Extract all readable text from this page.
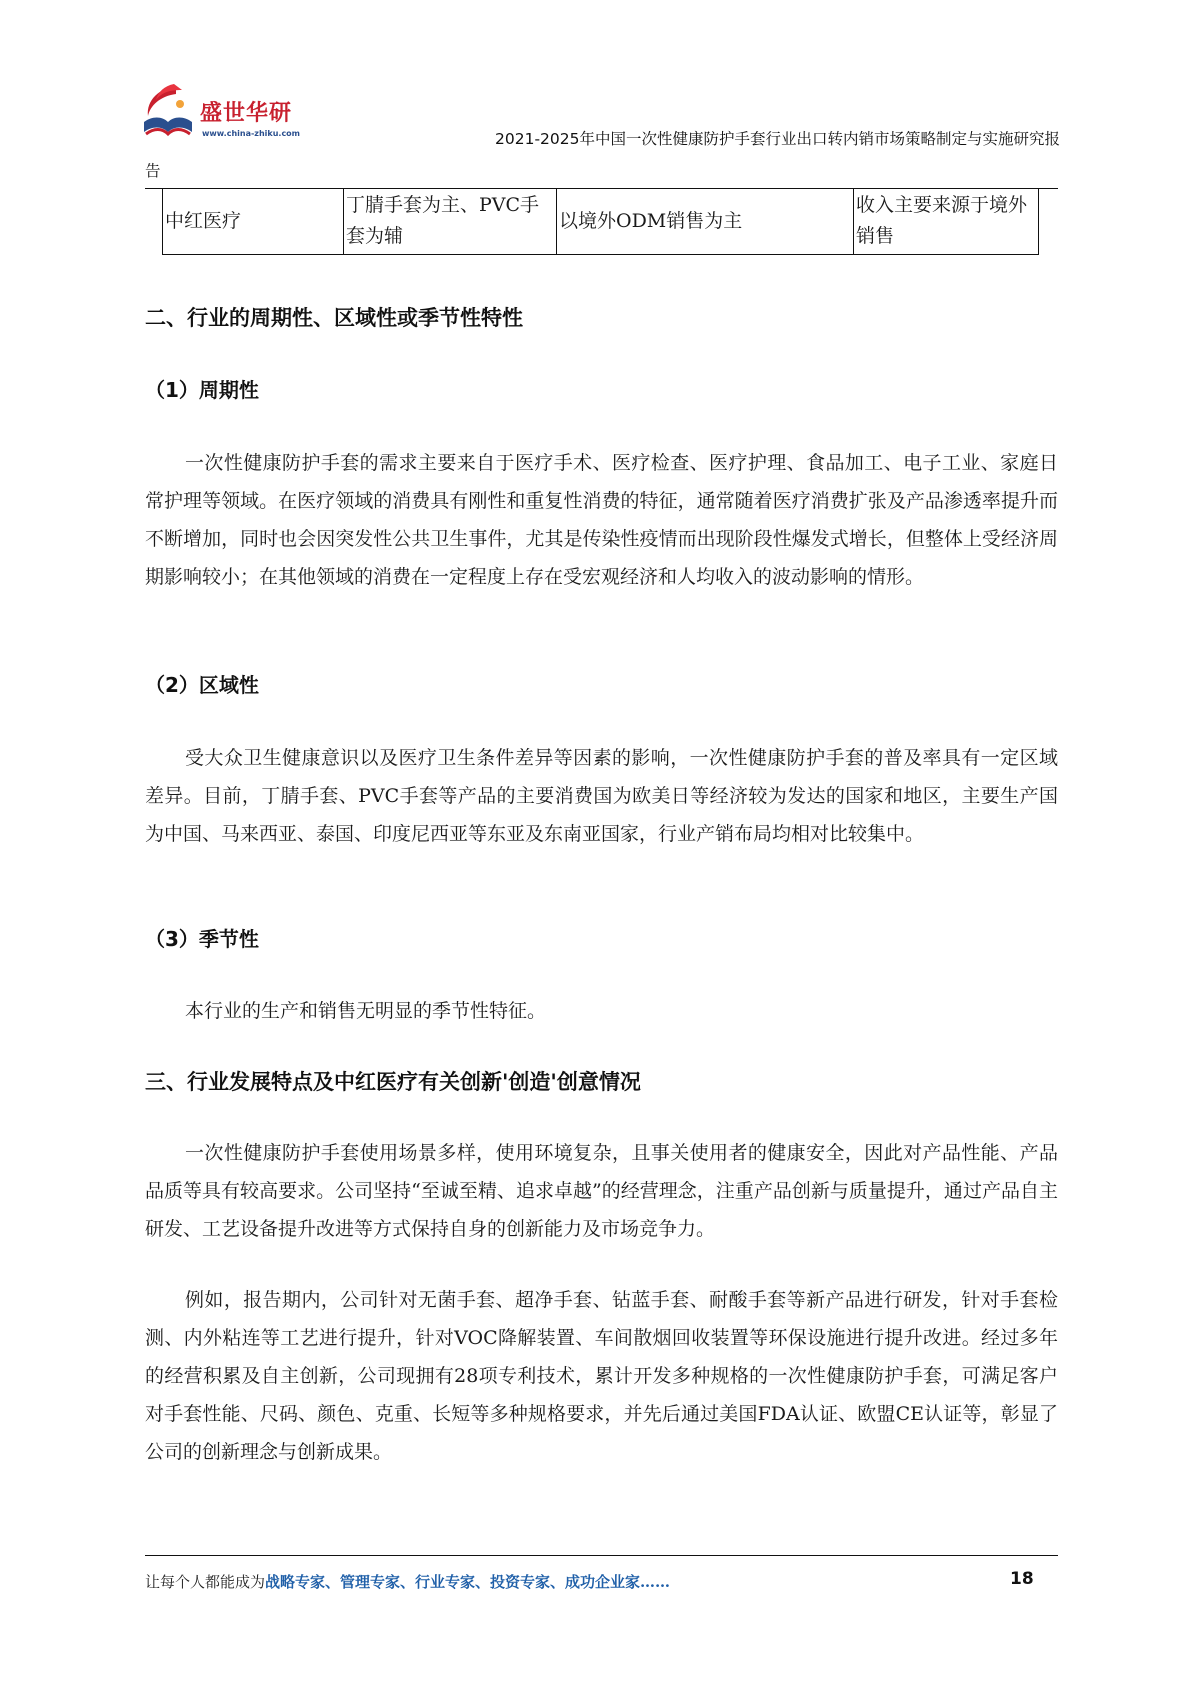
盛世华研
www.china-zhiku.com	2021-2025年中国一次性健康防护手套行业出口转内销市场策略制定与实施研究报
告
中红医疗	丁腈手套为主、PVC手套为辅	以境外ODM销售为主	收入主要来源于境外销售
二、行业的周期性、区域性或季节性特性
（1）周期性
一次性健康防护手套的需求主要来自于医疗手术、医疗检查、医疗护理、食品加工、电子工业、家庭日常护理等领域。在医疗领域的消费具有刚性和重复性消费的特征，通常随着医疗消费扩张及产品渗透率提升而不断增加，同时也会因突发性公共卫生事件，尤其是传染性疫情而出现阶段性爆发式增长，但整体上受经济周期影响较小；在其他领域的消费在一定程度上存在受宏观经济和人均收入的波动影响的情形。
（2）区域性
受大众卫生健康意识以及医疗卫生条件差异等因素的影响，一次性健康防护手套的普及率具有一定区域差异。目前，丁腈手套、PVC手套等产品的主要消费国为欧美日等经济较为发达的国家和地区，主要生产国为中国、马来西亚、泰国、印度尼西亚等东亚及东南亚国家，行业产销布局均相对比较集中。
（3）季节性
本行业的生产和销售无明显的季节性特征。
三、行业发展特点及中红医疗有关创新'创造'创意情况
一次性健康防护手套使用场景多样，使用环境复杂，且事关使用者的健康安全，因此对产品性能、产品品质等具有较高要求。公司坚持“至诚至精、追求卓越”的经营理念，注重产品创新与质量提升，通过产品自主研发、工艺设备提升改进等方式保持自身的创新能力及市场竞争力。
例如，报告期内，公司针对无菌手套、超净手套、钻蓝手套、耐酸手套等新产品进行研发，针对手套检测、内外粘连等工艺进行提升，针对VOC降解装置、车间散烟回收装置等环保设施进行提升改进。经过多年的经营积累及自主创新，公司现拥有28项专利技术，累计开发多种规格的一次性健康防护手套，可满足客户对手套性能、尺码、颜色、克重、长短等多种规格要求，并先后通过美国FDA认证、欧盟CE认证等，彰显了公司的创新理念与创新成果。
让每个人都能成为战略专家、管理专家、行业专家、投资专家、成功企业家……	18
